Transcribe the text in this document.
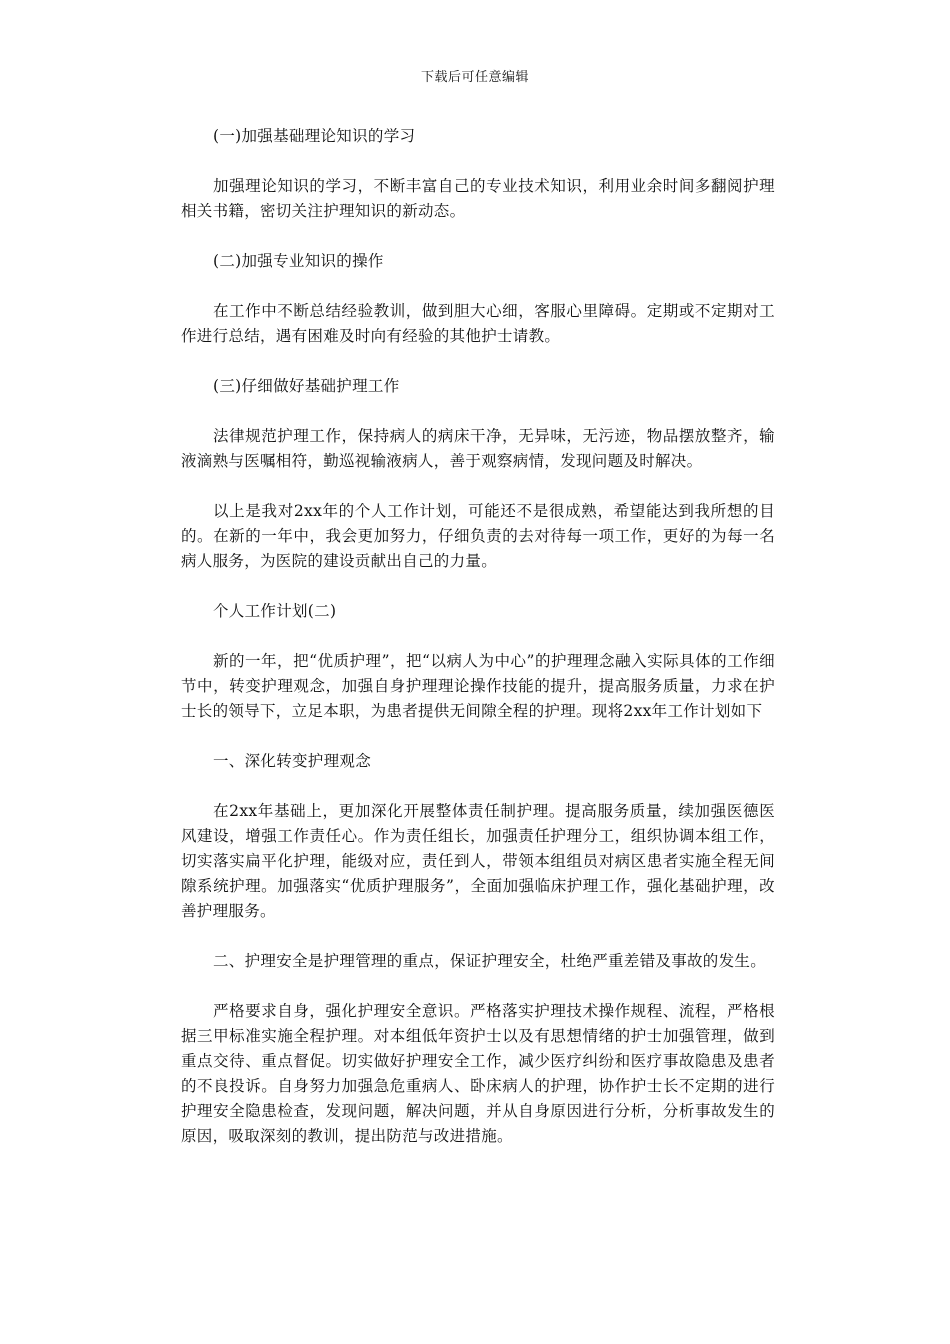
下载后可任意编辑

(一)加强基础理论知识的学习

加强理论知识的学习，不断丰富自己的专业技术知识，利用业余时间多翻阅护理相关书籍，密切关注护理知识的新动态。

(二)加强专业知识的操作

在工作中不断总结经验教训，做到胆大心细，客服心里障碍。定期或不定期对工作进行总结，遇有困难及时向有经验的其他护士请教。

(三)仔细做好基础护理工作

法律规范护理工作，保持病人的病床干净，无异味，无污迹，物品摆放整齐，输液滴熟与医嘱相符，勤巡视输液病人，善于观察病情，发现问题及时解决。

以上是我对2xx年的个人工作计划，可能还不是很成熟，希望能达到我所想的目的。在新的一年中，我会更加努力，仔细负责的去对待每一项工作，更好的为每一名病人服务，为医院的建设贡献出自己的力量。

个人工作计划(二)

新的一年，把“优质护理”，把“以病人为中心”的护理理念融入实际具体的工作细节中，转变护理观念，加强自身护理理论操作技能的提升，提高服务质量，力求在护士长的领导下，立足本职，为患者提供无间隙全程的护理。现将2xx年工作计划如下

一、深化转变护理观念

在2xx年基础上，更加深化开展整体责任制护理。提高服务质量，续加强医德医风建设，增强工作责任心。作为责任组长，加强责任护理分工，组织协调本组工作，切实落实扁平化护理，能级对应，责任到人，带领本组组员对病区患者实施全程无间隙系统护理。加强落实“优质护理服务”，全面加强临床护理工作，强化基础护理，改善护理服务。

二、护理安全是护理管理的重点，保证护理安全，杜绝严重差错及事故的发生。

严格要求自身，强化护理安全意识。严格落实护理技术操作规程、流程，严格根据三甲标准实施全程护理。对本组低年资护士以及有思想情绪的护士加强管理，做到重点交待、重点督促。切实做好护理安全工作，减少医疗纠纷和医疗事故隐患及患者的不良投诉。自身努力加强急危重病人、卧床病人的护理，协作护士长不定期的进行护理安全隐患检查，发现问题，解决问题，并从自身原因进行分析，分析事故发生的原因，吸取深刻的教训，提出防范与改进措施。
